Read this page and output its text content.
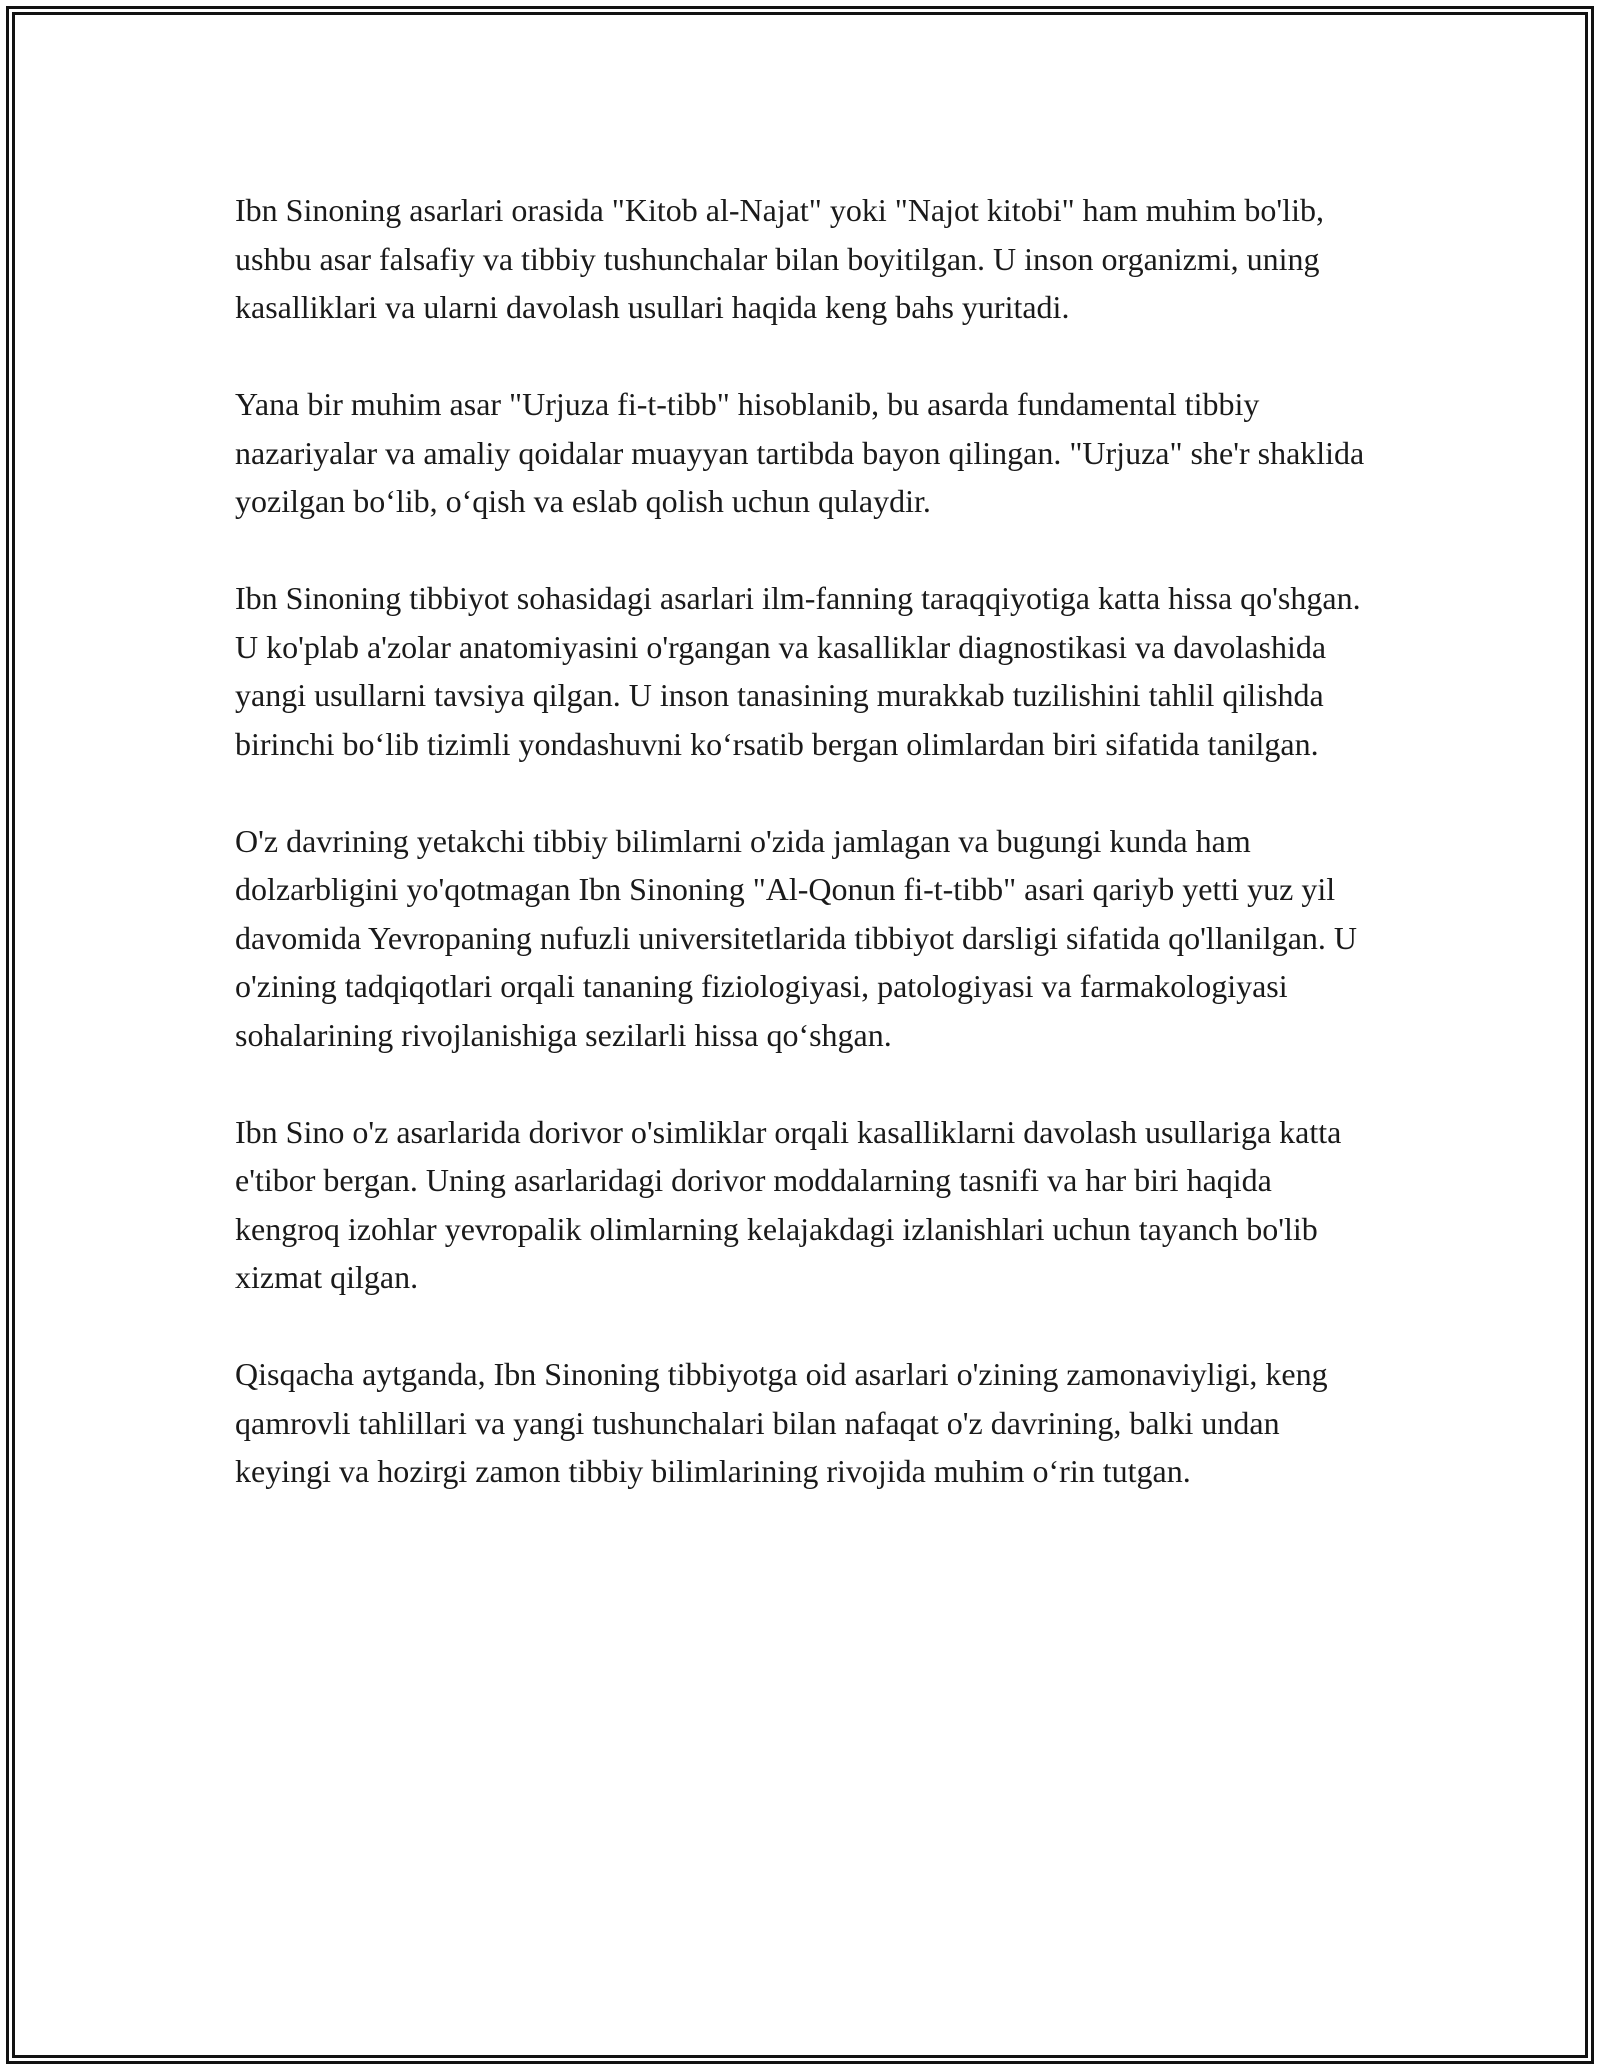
Ibn Sinoning asarlari orasida "Kitob al-Najat" yoki "Najot kitobi" ham muhim bo'lib, ushbu asar falsafiy va tibbiy tushunchalar bilan boyitilgan. U inson organizmi, uning kasalliklari va ularni davolash usullari haqida keng bahs yuritadi.

Yana bir muhim asar "Urjuza fi-t-tibb" hisoblanib, bu asarda fundamental tibbiy nazariyalar va amaliy qoidalar muayyan tartibda bayon qilingan. "Urjuza" she'r shaklida yozilgan bo‘lib, o‘qish va eslab qolish uchun qulaydir.

Ibn Sinoning tibbiyot sohasidagi asarlari ilm-fanning taraqqiyotiga katta hissa qo'shgan. U ko'plab a'zolar anatomiyasini o'rgangan va kasalliklar diagnostikasi va davolashida yangi usullarni tavsiya qilgan. U inson tanasining murakkab tuzilishini tahlil qilishda birinchi bo‘lib tizimli yondashuvni ko‘rsatib bergan olimlardan biri sifatida tanilgan.

O'z davrining yetakchi tibbiy bilimlarni o'zida jamlagan va bugungi kunda ham dolzarbligini yo'qotmagan Ibn Sinoning "Al-Qonun fi-t-tibb" asari qariyb yetti yuz yil davomida Yevropaning nufuzli universitetlarida tibbiyot darsligi sifatida qo'llanilgan. U o'zining tadqiqotlari orqali tananing fiziologiyasi, patologiyasi va farmakologiyasi sohalarining rivojlanishiga sezilarli hissa qo‘shgan.

Ibn Sino o'z asarlarida dorivor o'simliklar orqali kasalliklarni davolash usullariga katta e'tibor bergan. Uning asarlaridagi dorivor moddalarning tasnifi va har biri haqida kengroq izohlar yevropalik olimlarning kelajakdagi izlanishlari uchun tayanch bo'lib xizmat qilgan.

Qisqacha aytganda, Ibn Sinoning tibbiyotga oid asarlari o'zining zamonaviyligi, keng qamrovli tahlillari va yangi tushunchalari bilan nafaqat o'z davrining, balki undan keyingi va hozirgi zamon tibbiy bilimlarining rivojida muhim o‘rin tutgan.
